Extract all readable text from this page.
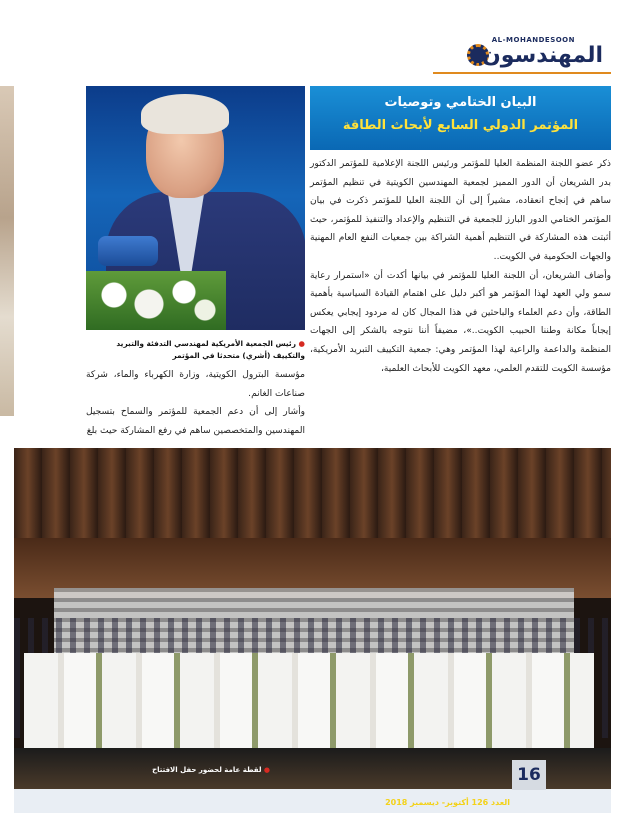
AL-MOHANDESOON
المهندسون
البيان الختامي وتوصيات
المؤتمر الدولي السابع لأبحاث الطاقة
● رئيس الجمعية الأمريكية لمهندسي التدفئة والتبريد والتكييف (أشري) متحدثا في المؤتمر

ذكر عضو اللجنة المنظمة العليا للمؤتمر ورئيس اللجنة الإعلامية للمؤتمر الدكتور بدر الشريعان أن الدور المميز لجمعية المهندسين الكويتية في تنظيم المؤتمر ساهم في إنجاح انعقاده، مشيراً إلى أن اللجنة العليا للمؤتمر ذكرت في بيان المؤتمر الختامي الدور البارز للجمعية في التنظيم والإعداد والتنفيذ للمؤتمر، حيث أثبتت هذه المشاركة في التنظيم أهمية الشراكة بين جمعيات النفع العام المهنية والجهات الحكومية في الكويت..

وأضاف الشريعان، أن اللجنة العليا للمؤتمر في بيانها أكدت أن «استمرار رعاية سمو ولي العهد لهذا المؤتمر هو أكبر دليل على اهتمام القيادة السياسية بأهمية الطاقة، وأن دعم العلماء والباحثين في هذا المجال كان له مردود إيجابي يعكس إيجاباً مكانة وطننا الحبيب الكويت..»، مضيفاً أننا نتوجه بالشكر إلى الجهات المنظمة والداعمة والراعية لهذا المؤتمر وهي: جمعية التكييف التبريد الأمريكية، مؤسسة الكويت للتقدم العلمي، معهد الكويت للأبحاث العلمية،

مؤسسة البترول الكويتية، وزارة الكهرباء والماء، شركة صناعات الغانم.

وأشار إلى أن دعم الجمعية للمؤتمر والسماح بتسجيل المهندسين والمتخصصين ساهم في رفع المشاركة حيث بلغ

● لقطة عامة لحضور حفل الافتتاح
العدد 126 أكتوبر- ديسمبر 2018
16
